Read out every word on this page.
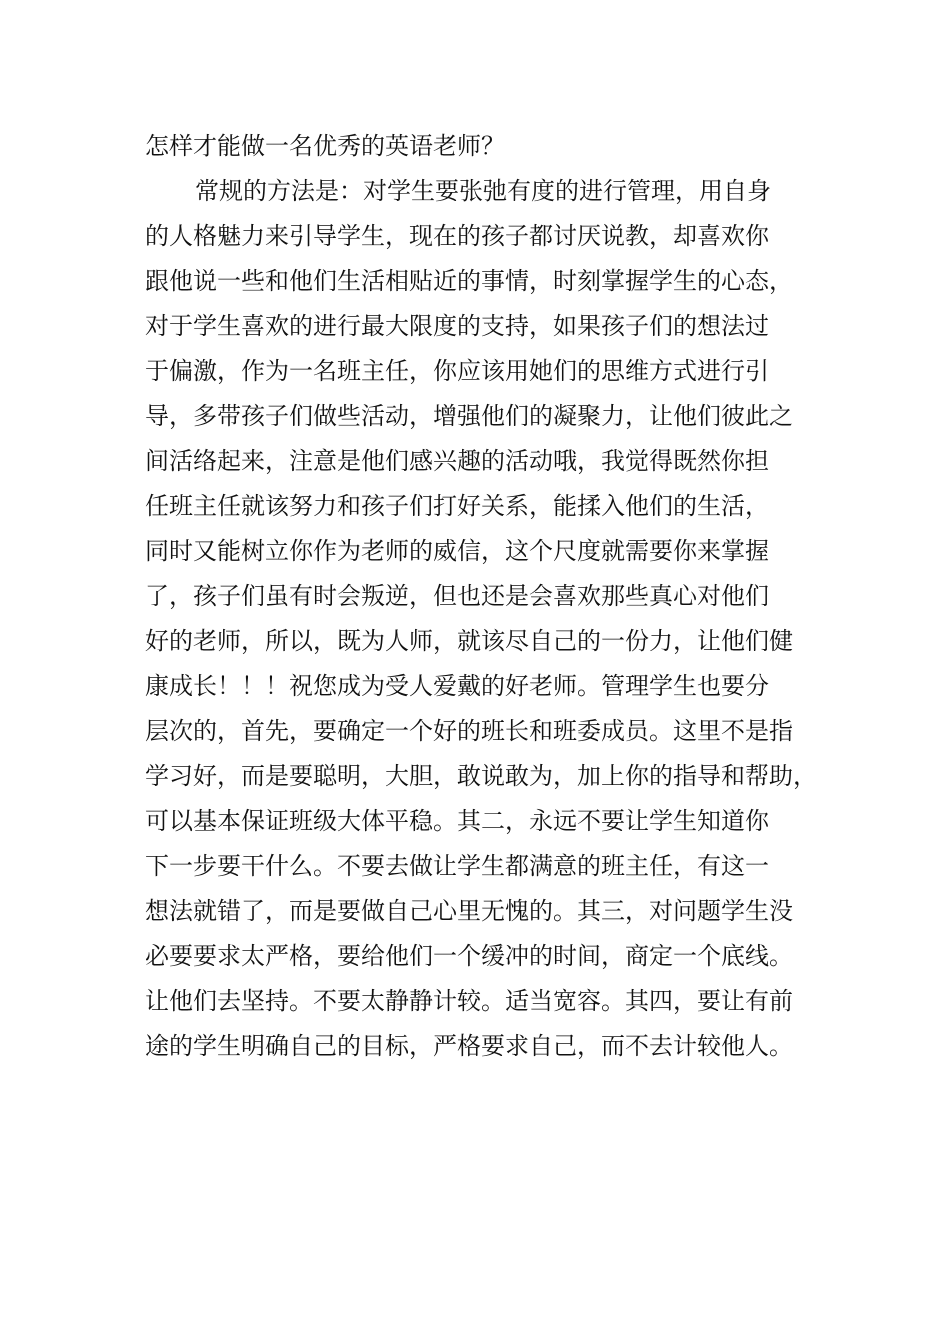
怎样才能做一名优秀的英语老师？
常规的方法是：对学生要张弛有度的进行管理，用自身
的人格魅力来引导学生，现在的孩子都讨厌说教，却喜欢你
跟他说一些和他们生活相贴近的事情，时刻掌握学生的心态，
对于学生喜欢的进行最大限度的支持，如果孩子们的想法过
于偏激，作为一名班主任，你应该用她们的思维方式进行引
导，多带孩子们做些活动，增强他们的凝聚力，让他们彼此之
间活络起来，注意是他们感兴趣的活动哦，我觉得既然你担
任班主任就该努力和孩子们打好关系，能揉入他们的生活，
同时又能树立你作为老师的威信，这个尺度就需要你来掌握
了，孩子们虽有时会叛逆，但也还是会喜欢那些真心对他们
好的老师，所以，既为人师，就该尽自己的一份力，让他们健
康成长！！！祝您成为受人爱戴的好老师。管理学生也要分
层次的，首先，要确定一个好的班长和班委成员。这里不是指
学习好，而是要聪明，大胆，敢说敢为，加上你的指导和帮助，
可以基本保证班级大体平稳。其二，永远不要让学生知道你
下一步要干什么。不要去做让学生都满意的班主任，有这一
想法就错了，而是要做自己心里无愧的。其三，对问题学生没
必要要求太严格，要给他们一个缓冲的时间，商定一个底线。
让他们去坚持。不要太静静计较。适当宽容。其四，要让有前
途的学生明确自己的目标，严格要求自己，而不去计较他人。
